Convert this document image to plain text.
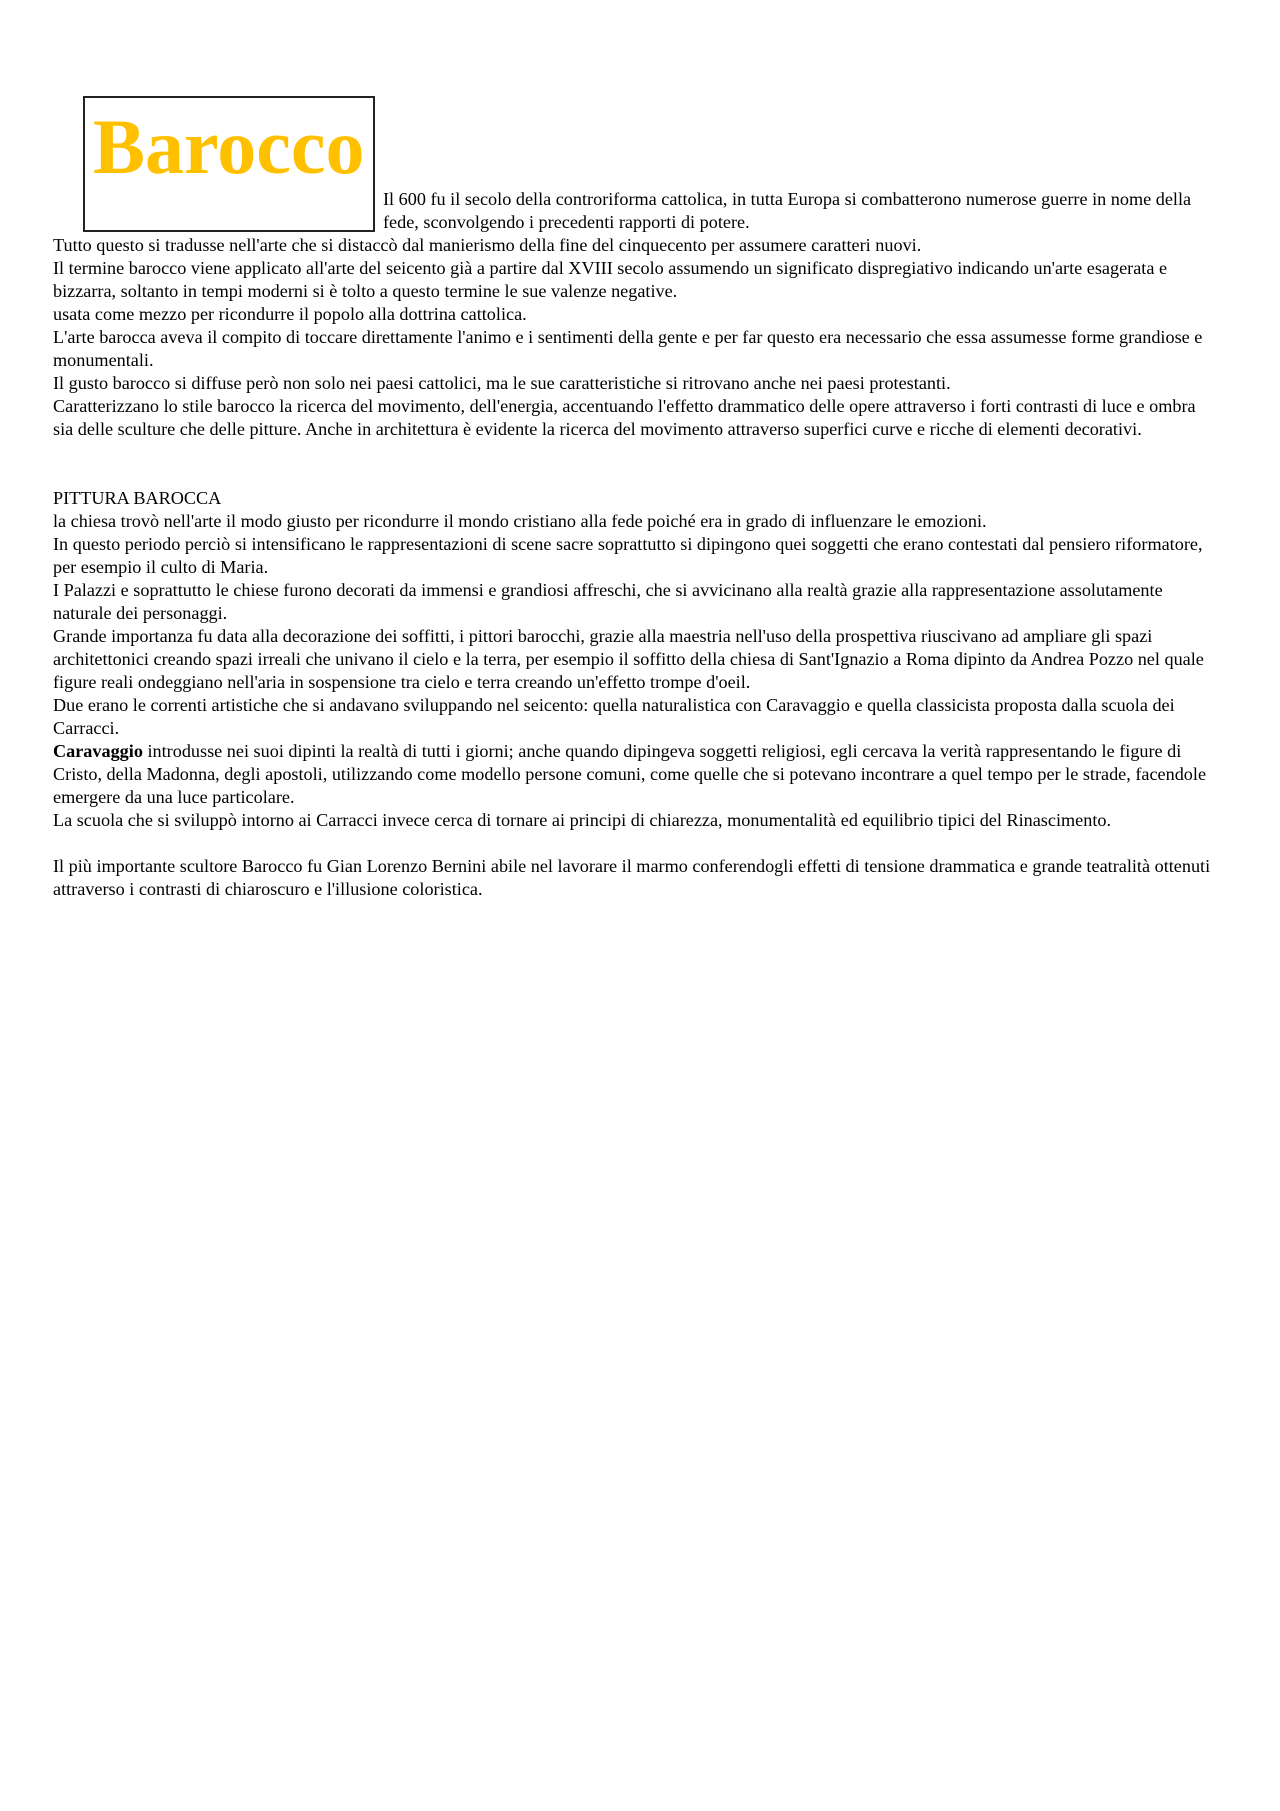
Barocco

Il 600 fu il secolo della controriforma cattolica, in tutta Europa si combatterono numerose guerre in nome della fede, sconvolgendo i precedenti rapporti di potere.

Tutto questo si tradusse nell'arte che si distaccò dal manierismo della fine del cinquecento per assumere caratteri nuovi.

Il termine barocco viene applicato all'arte del seicento già a partire dal XVIII secolo assumendo un significato dispregiativo indicando un'arte esagerata e bizzarra, soltanto in tempi moderni si è tolto a questo termine le sue valenze negative.

usata come mezzo per ricondurre il popolo alla dottrina cattolica.

L'arte barocca aveva il compito di toccare direttamente l'animo e i sentimenti della gente e per far questo era necessario che essa assumesse forme grandiose e monumentali.

Il gusto barocco si diffuse però non solo nei paesi cattolici, ma le sue caratteristiche si ritrovano anche nei paesi protestanti.

Caratterizzano lo stile barocco la ricerca del movimento, dell'energia, accentuando l'effetto drammatico delle opere attraverso i forti contrasti di luce e ombra sia delle sculture che delle pitture. Anche in architettura è evidente la ricerca del movimento attraverso superfici curve e ricche di elementi decorativi.

PITTURA BAROCCA

la chiesa trovò nell'arte il modo giusto per ricondurre il mondo cristiano alla fede poiché era in grado di influenzare le emozioni.

In questo periodo perciò si intensificano le rappresentazioni di scene sacre soprattutto si dipingono quei soggetti che erano contestati dal pensiero riformatore, per esempio il culto di Maria.

I Palazzi e soprattutto le chiese furono decorati da immensi e grandiosi affreschi, che si avvicinano alla realtà grazie alla rappresentazione assolutamente naturale dei personaggi.

Grande importanza fu data alla decorazione dei soffitti, i pittori barocchi, grazie alla maestria nell'uso della prospettiva riuscivano ad ampliare gli spazi architettonici creando spazi irreali che univano il cielo e la terra, per esempio il soffitto della chiesa di Sant'Ignazio a Roma dipinto da Andrea Pozzo nel quale figure reali ondeggiano nell'aria in sospensione tra cielo e terra creando un'effetto trompe d'oeil.

Due erano le correnti artistiche che si andavano sviluppando nel seicento: quella naturalistica con Caravaggio e quella classicista proposta dalla scuola dei Carracci.

Caravaggio introdusse nei suoi dipinti la realtà di tutti i giorni; anche quando dipingeva soggetti religiosi, egli cercava la verità rappresentando le figure di Cristo, della Madonna, degli apostoli, utilizzando come modello persone comuni, come quelle che si potevano incontrare a quel tempo per le strade, facendole emergere da una luce particolare.

La scuola che si sviluppò intorno ai Carracci invece cerca di tornare ai principi di chiarezza, monumentalità ed equilibrio tipici del Rinascimento.

Il più importante scultore Barocco fu Gian Lorenzo Bernini abile nel lavorare il marmo conferendogli effetti di tensione drammatica e grande teatralità ottenuti attraverso i contrasti di chiaroscuro e l'illusione coloristica.
